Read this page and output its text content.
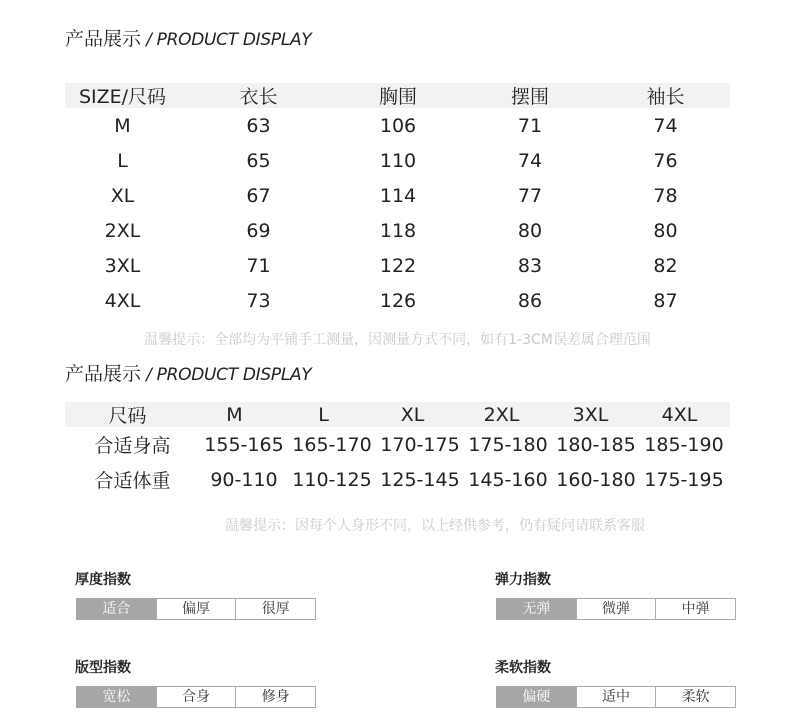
产品展示 / PRODUCT DISPLAY
SIZE/尺码	衣长	胸围	摆围	袖长
M	63	106	71	74
L	65	110	74	76
XL	67	114	77	78
2XL	69	118	80	80
3XL	71	122	83	82
4XL	73	126	86	87
温馨提示：全部均为平铺手工测量，因测量方式不同，如有1-3CM误差属合理范围
产品展示 / PRODUCT DISPLAY
尺码	M	L	XL	2XL	3XL	4XL
合适身高	155-165 165-170 170-175 175-180 180-185 185-190
合适体重	90-110 110-125 125-145 145-160 160-180 175-195
温馨提示：因每个人身形不同，以上经供参考，仍有疑问请联系客服
厚度指数
适合	偏厚	很厚
弹力指数
无弹	微弹	中弹
版型指数
宽松	合身	修身
柔软指数
偏硬	适中	柔软
